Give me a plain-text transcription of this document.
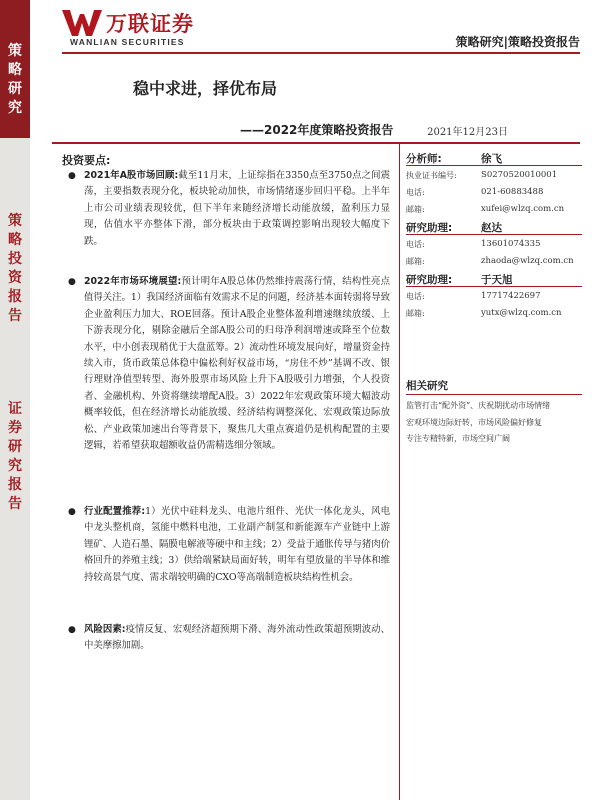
策
略
研
究
策
略
投
资
报
告
证
券
研
究
报
告
万联证券
WANLIAN SECURITIES	策略研究|策略投资报告
稳中求进，择优布局
——2022年度策略投资报告	2021年12月23日
投资要点:
● 2021年A股市场回顾:截至11月末，上证综指在3350点至3750点之间震荡，主要指数表现分化，板块轮动加快，市场情绪逐步回归平稳。上半年上市公司业绩表现较优，但下半年来随经济增长动能放缓，盈利压力显现，估值水平亦整体下滑，部分板块由于政策调控影响出现较大幅度下跌。

● 2022年市场环境展望:预计明年A股总体仍然维持震荡行情，结构性亮点值得关注。1）我国经济面临有效需求不足的问题，经济基本面转弱将导致企业盈利压力加大、ROE回落。预计A股企业整体盈利增速继续放缓、上下游表现分化，剔除金融后全部A股公司的归母净利润增速或降至个位数水平，中小创表现稍优于大盘蓝筹。2）流动性环境发展向好，增量资金持续入市，货币政策总体稳中偏松利好权益市场，“房住不炒”基调不改、银行理财净值型转型、海外股票市场风险上升下A股吸引力增强，个人投资者、金融机构、外资将继续增配A股。3）2022年宏观政策环境大幅波动概率较低，但在经济增长动能放缓、经济结构调整深化、宏观政策边际放松、产业政策加速出台等背景下，聚焦几大重点赛道仍是机构配置的主要逻辑，若希望获取超额收益仍需精选细分领域。

● 行业配置推荐:1）光伏中硅料龙头、电池片组件、光伏一体化龙头，风电中龙头整机商，氢能中燃料电池，工业副产制氢和新能源车产业链中上游锂矿、人造石墨、隔膜电解液等硬中和主线；2）受益于通胀传导与猪肉价格回升的养殖主线；3）供给端紧缺局面好转，明年有望放量的半导体和维持较高景气度、需求端较明确的CXO等高端制造板块结构性机会。

● 风险因素:疫情反复、宏观经济超预期下滑、海外流动性政策超预期波动、中美摩擦加剧。

分析师:	徐飞
执业证书编号:	S0270520010001
电话:	021-60883488
邮箱:	xufei@wlzq.com.cn
研究助理:	赵达
电话:	13601074335
邮箱:	zhaoda@wlzq.com.cn
研究助理:	于天旭
电话:	17717422697
邮箱:	yutx@wlzq.com.cn
相关研究
监管打击“配外资”、庆祝期扰动市场情绪
宏观环境边际好转，市场风险偏好修复
专注专精特新，市场空间广阔
